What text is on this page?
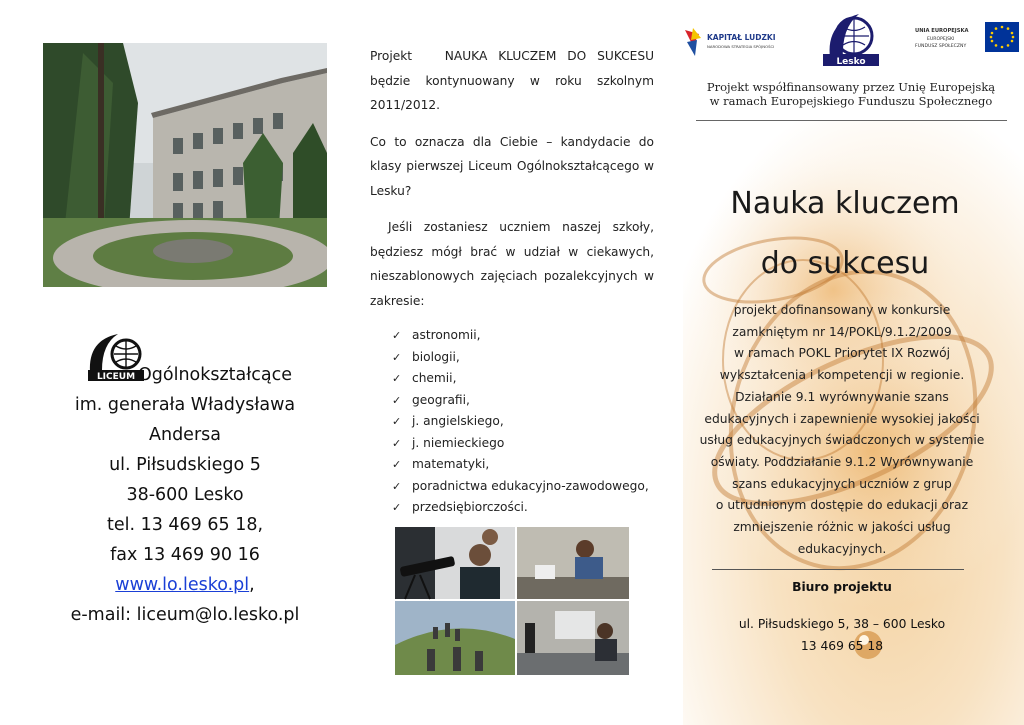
LICEUM Ogólnokształcące
im. generała Władysława
Andersa
ul. Piłsudskiego 5
38-600 Lesko
tel. 13 469 65 18,
fax 13 469 90 16
www.lo.lesko.pl,
e-mail: liceum@lo.lesko.pl

Projekt	NAUKA KLUCZEM DO SUKCESU będzie kontynuowany w roku szkolnym 2011/2012.

Co to oznacza dla Ciebie – kandydacie do klasy pierwszej Liceum Ogólnokształcącego w Lesku?

Jeśli zostaniesz uczniem naszej szkoły, będziesz mógł brać w udział w ciekawych, nieszablonowych zajęciach pozalekcyjnych w zakresie:

✓ astronomii,
✓ biologii,
✓ chemii,
✓ geografii,
✓ j. angielskiego,
✓ j. niemieckiego
✓ matematyki,
✓ poradnictwa edukacyjno-zawodowego,
✓ przedsiębiorczości.
KAPITAŁ LUDZKI
NARODOWA STRATEGIA SPÓJNOŚCI
Lesko
UNIA EUROPEJSKA
EUROPEJSKI
FUNDUSZ SPOŁECZNY
Projekt współfinansowany przez Unię Europejską
w ramach Europejskiego Funduszu Społecznego
Nauka kluczem
do sukcesu
projekt dofinansowany w konkursie
zamkniętym nr 14/POKL/9.1.2/2009
w ramach POKL Priorytet IX Rozwój
wykształcenia i kompetencji w regionie.
Działanie 9.1 wyrównywanie szans
edukacyjnych i zapewnienie wysokiej jakości
usług edukacyjnych świadczonych w systemie
oświaty. Poddziałanie 9.1.2 Wyrównywanie
szans edukacyjnych uczniów z grup
o utrudnionym dostępie do edukacji oraz
zmniejszenie różnic w jakości usług
edukacyjnych.
Biuro projektu
ul. Piłsudskiego 5, 38 – 600 Lesko
13 469 65 18
